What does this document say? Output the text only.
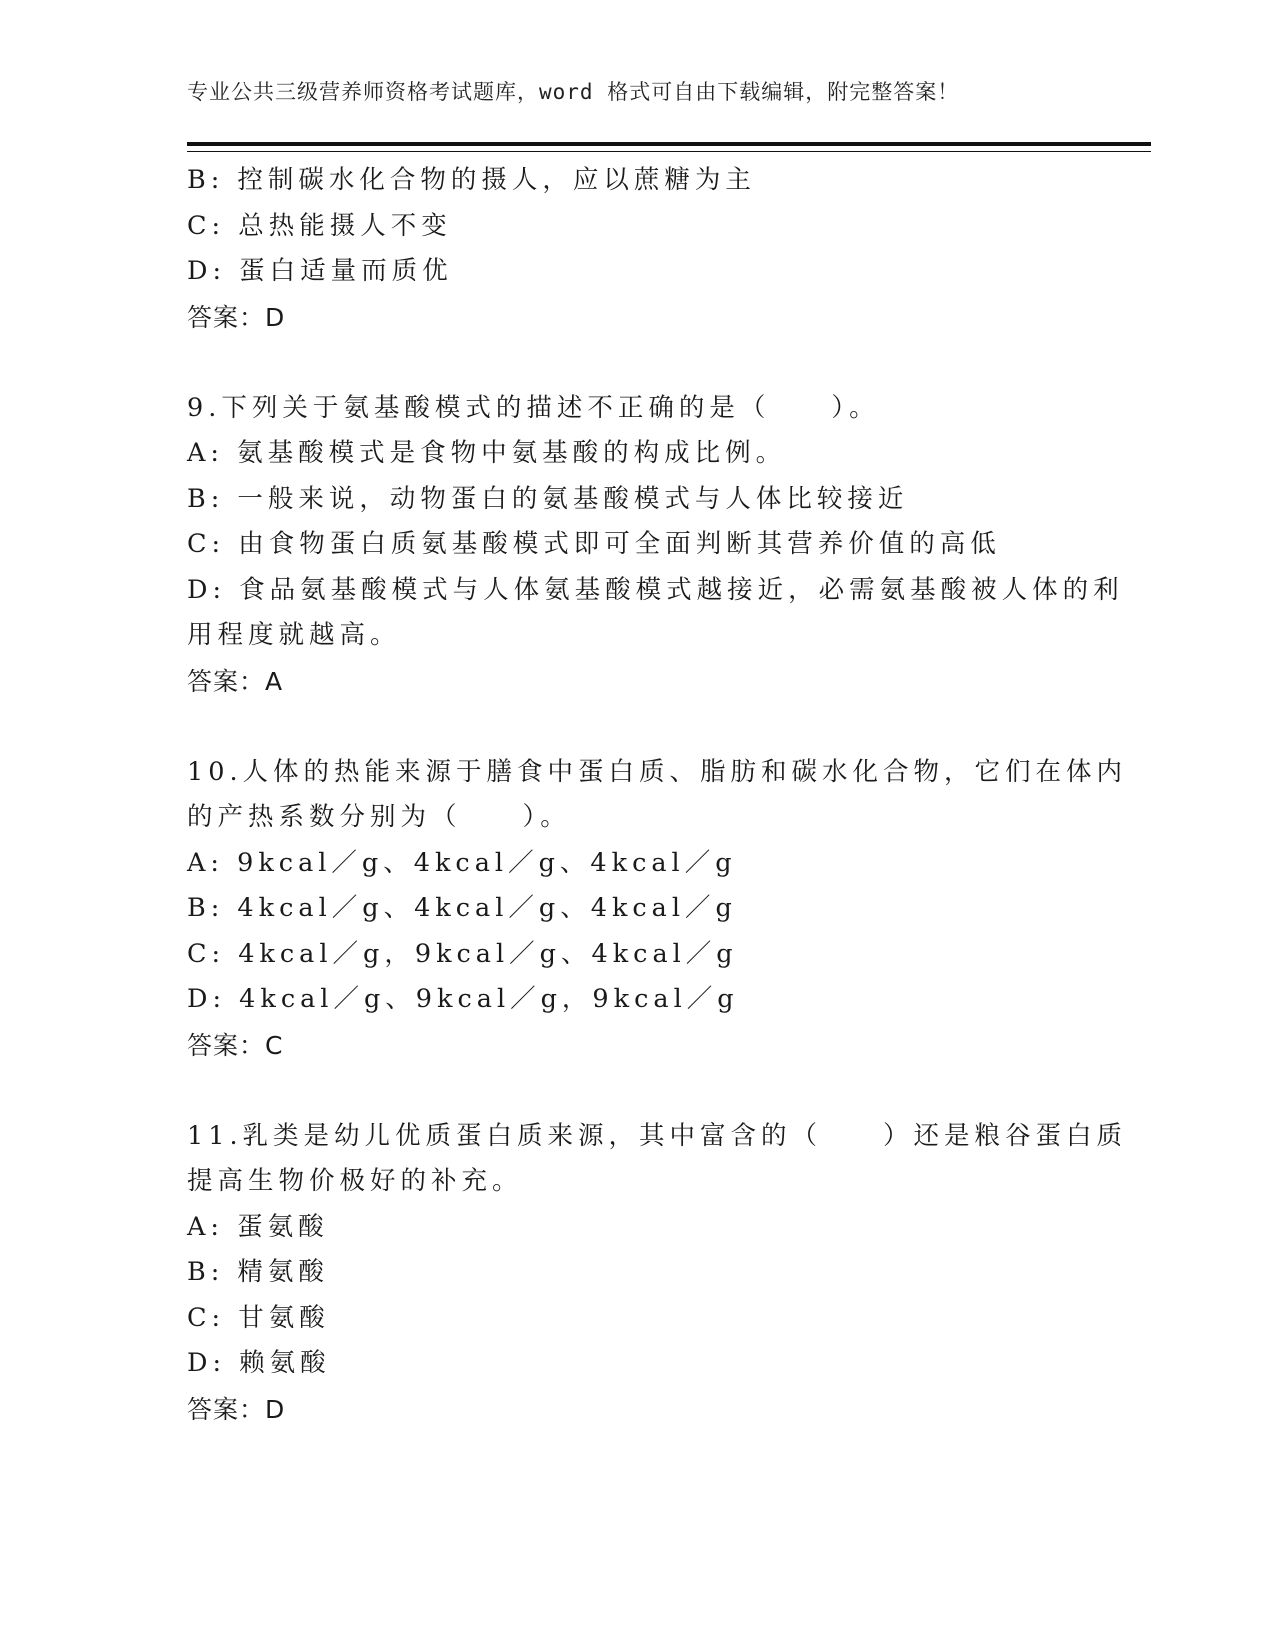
专业公共三级营养师资格考试题库，word 格式可自由下载编辑，附完整答案！

B: 控制碳水化合物的摄人，应以蔗糖为主

C: 总热能摄人不变

D: 蛋白适量而质优

答案：D

9.下列关于氨基酸模式的描述不正确的是（　　）。

A: 氨基酸模式是食物中氨基酸的构成比例。

B: 一般来说，动物蛋白的氨基酸模式与人体比较接近

C: 由食物蛋白质氨基酸模式即可全面判断其营养价值的高低

D: 食品氨基酸模式与人体氨基酸模式越接近，必需氨基酸被人体的利

用程度就越高。

答案：A

10.人体的热能来源于膳食中蛋白质、脂肪和碳水化合物，它们在体内

的产热系数分别为（　　）。

A: 9kcal／g、4kcal／g、4kcal／g

B: 4kcal／g、4kcal／g、4kcal／g

C: 4kcal／g，9kcal／g、4kcal／g

D: 4kcal／g、9kcal／g，9kcal／g

答案：C

11.乳类是幼儿优质蛋白质来源，其中富含的（　　）还是粮谷蛋白质

提高生物价极好的补充。

A: 蛋氨酸

B: 精氨酸

C: 甘氨酸

D: 赖氨酸

答案：D
